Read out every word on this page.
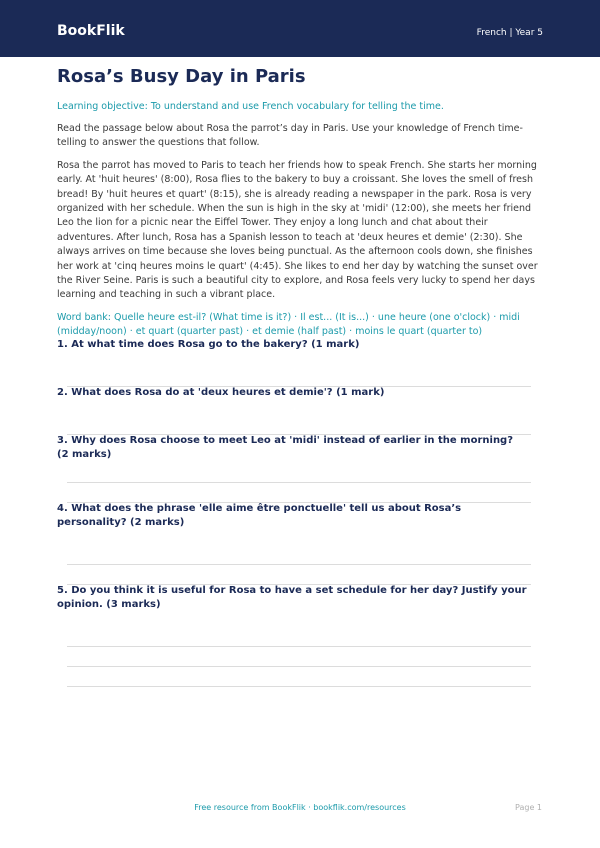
BookFlik	French | Year 5
Rosa’s Busy Day in Paris

Learning objective: To understand and use French vocabulary for telling the time.

Read the passage below about Rosa the parrot’s day in Paris. Use your knowledge of French time-telling to answer the questions that follow.

Rosa the parrot has moved to Paris to teach her friends how to speak French. She starts her morning early. At 'huit heures' (8:00), Rosa flies to the bakery to buy a croissant. She loves the smell of fresh bread! By 'huit heures et quart' (8:15), she is already reading a newspaper in the park. Rosa is very organized with her schedule. When the sun is high in the sky at 'midi' (12:00), she meets her friend Leo the lion for a picnic near the Eiffel Tower. They enjoy a long lunch and chat about their adventures. After lunch, Rosa has a Spanish lesson to teach at 'deux heures et demie' (2:30). She always arrives on time because she loves being punctual. As the afternoon cools down, she finishes her work at 'cinq heures moins le quart' (4:45). She likes to end her day by watching the sunset over the River Seine. Paris is such a beautiful city to explore, and Rosa feels very lucky to spend her days learning and teaching in such a vibrant place.

Word bank: Quelle heure est-il? (What time is it?) · Il est... (It is...) · une heure (one o'clock) · midi (midday/noon) · et quart (quarter past) · et demie (half past) · moins le quart (quarter to)

1. At what time does Rosa go to the bakery? (1 mark)
2. What does Rosa do at 'deux heures et demie'? (1 mark)
3. Why does Rosa choose to meet Leo at 'midi' instead of earlier in the morning? (2 marks)
4. What does the phrase 'elle aime être ponctuelle' tell us about Rosa’s personality? (2 marks)
5. Do you think it is useful for Rosa to have a set schedule for her day? Justify your opinion. (3 marks)
Free resource from BookFlik · bookflik.com/resources	Page 1
